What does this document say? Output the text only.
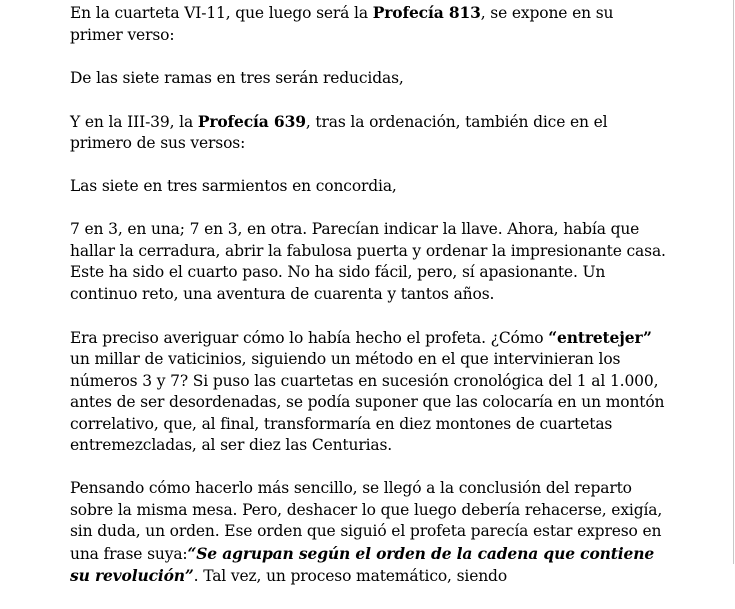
En la cuarteta VI-11, que luego será la Profecía 813, se expone en su primer verso:

De las siete ramas en tres serán reducidas,

Y en la III-39, la Profecía 639, tras la ordenación, también dice en el primero de sus versos:

Las siete en tres sarmientos en concordia,

7 en 3, en una; 7 en 3, en otra. Parecían indicar la llave. Ahora, había que hallar la cerradura, abrir la fabulosa puerta y ordenar la impresionante casa. Este ha sido el cuarto paso. No ha sido fácil, pero, sí apasionante. Un continuo reto, una aventura de cuarenta y tantos años.

Era preciso averiguar cómo lo había hecho el profeta. ¿Cómo “entretejer” un millar de vaticinios, siguiendo un método en el que intervinieran los números 3 y 7? Si puso las cuartetas en sucesión cronológica del 1 al 1.000, antes de ser desordenadas, se podía suponer que las colocaría en un montón correlativo, que, al final, transformaría en diez montones de cuartetas entremezcladas, al ser diez las Centurias.

Pensando cómo hacerlo más sencillo, se llegó a la conclusión del reparto sobre la misma mesa. Pero, deshacer lo que luego debería rehacerse, exigía, sin duda, un orden. Ese orden que siguió el profeta parecía estar expreso en una frase suya:“Se agrupan según el orden de la cadena que contiene su revolución”. Tal vez, un proceso matemático, siendo
